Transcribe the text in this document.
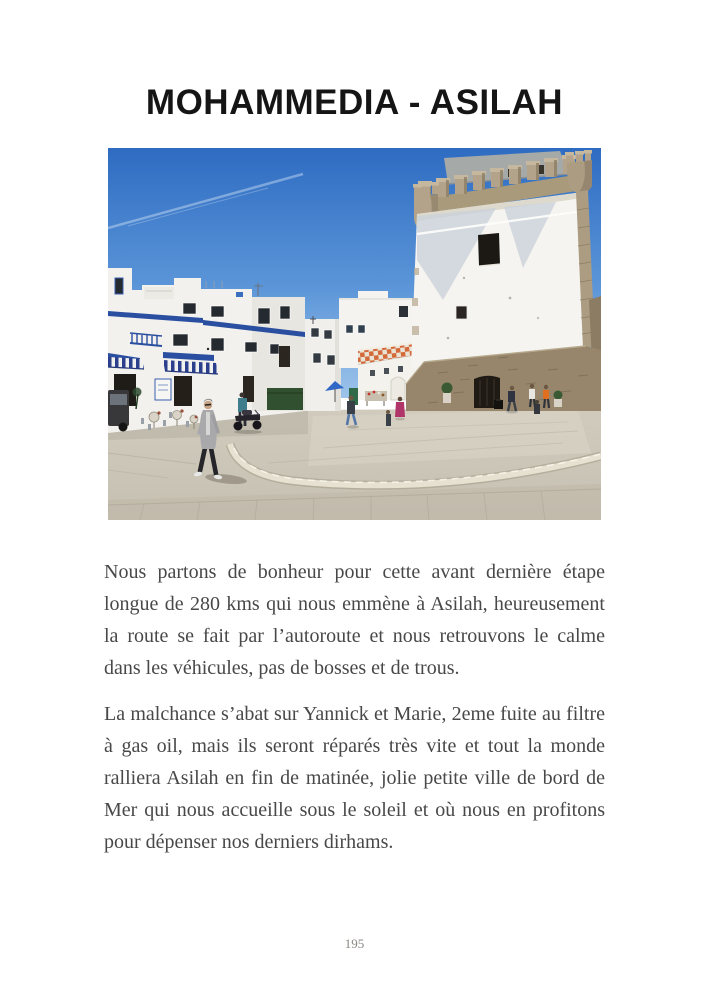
MOHAMMEDIA - ASILAH

Nous partons de bonheur pour cette avant dernière étape longue de 280 kms qui nous emmène à Asilah, heureusement la route se fait par l’autoroute et nous retrouvons le calme dans les véhicules, pas de bosses et de trous.

La malchance s’abat sur Yannick et Marie, 2eme fuite au filtre à gas oil, mais ils seront réparés très vite et tout la monde ralliera Asilah en fin de matinée, jolie petite ville de bord de Mer qui nous accueille sous le soleil et où nous en profitons pour dépenser nos derniers dirhams.

195
